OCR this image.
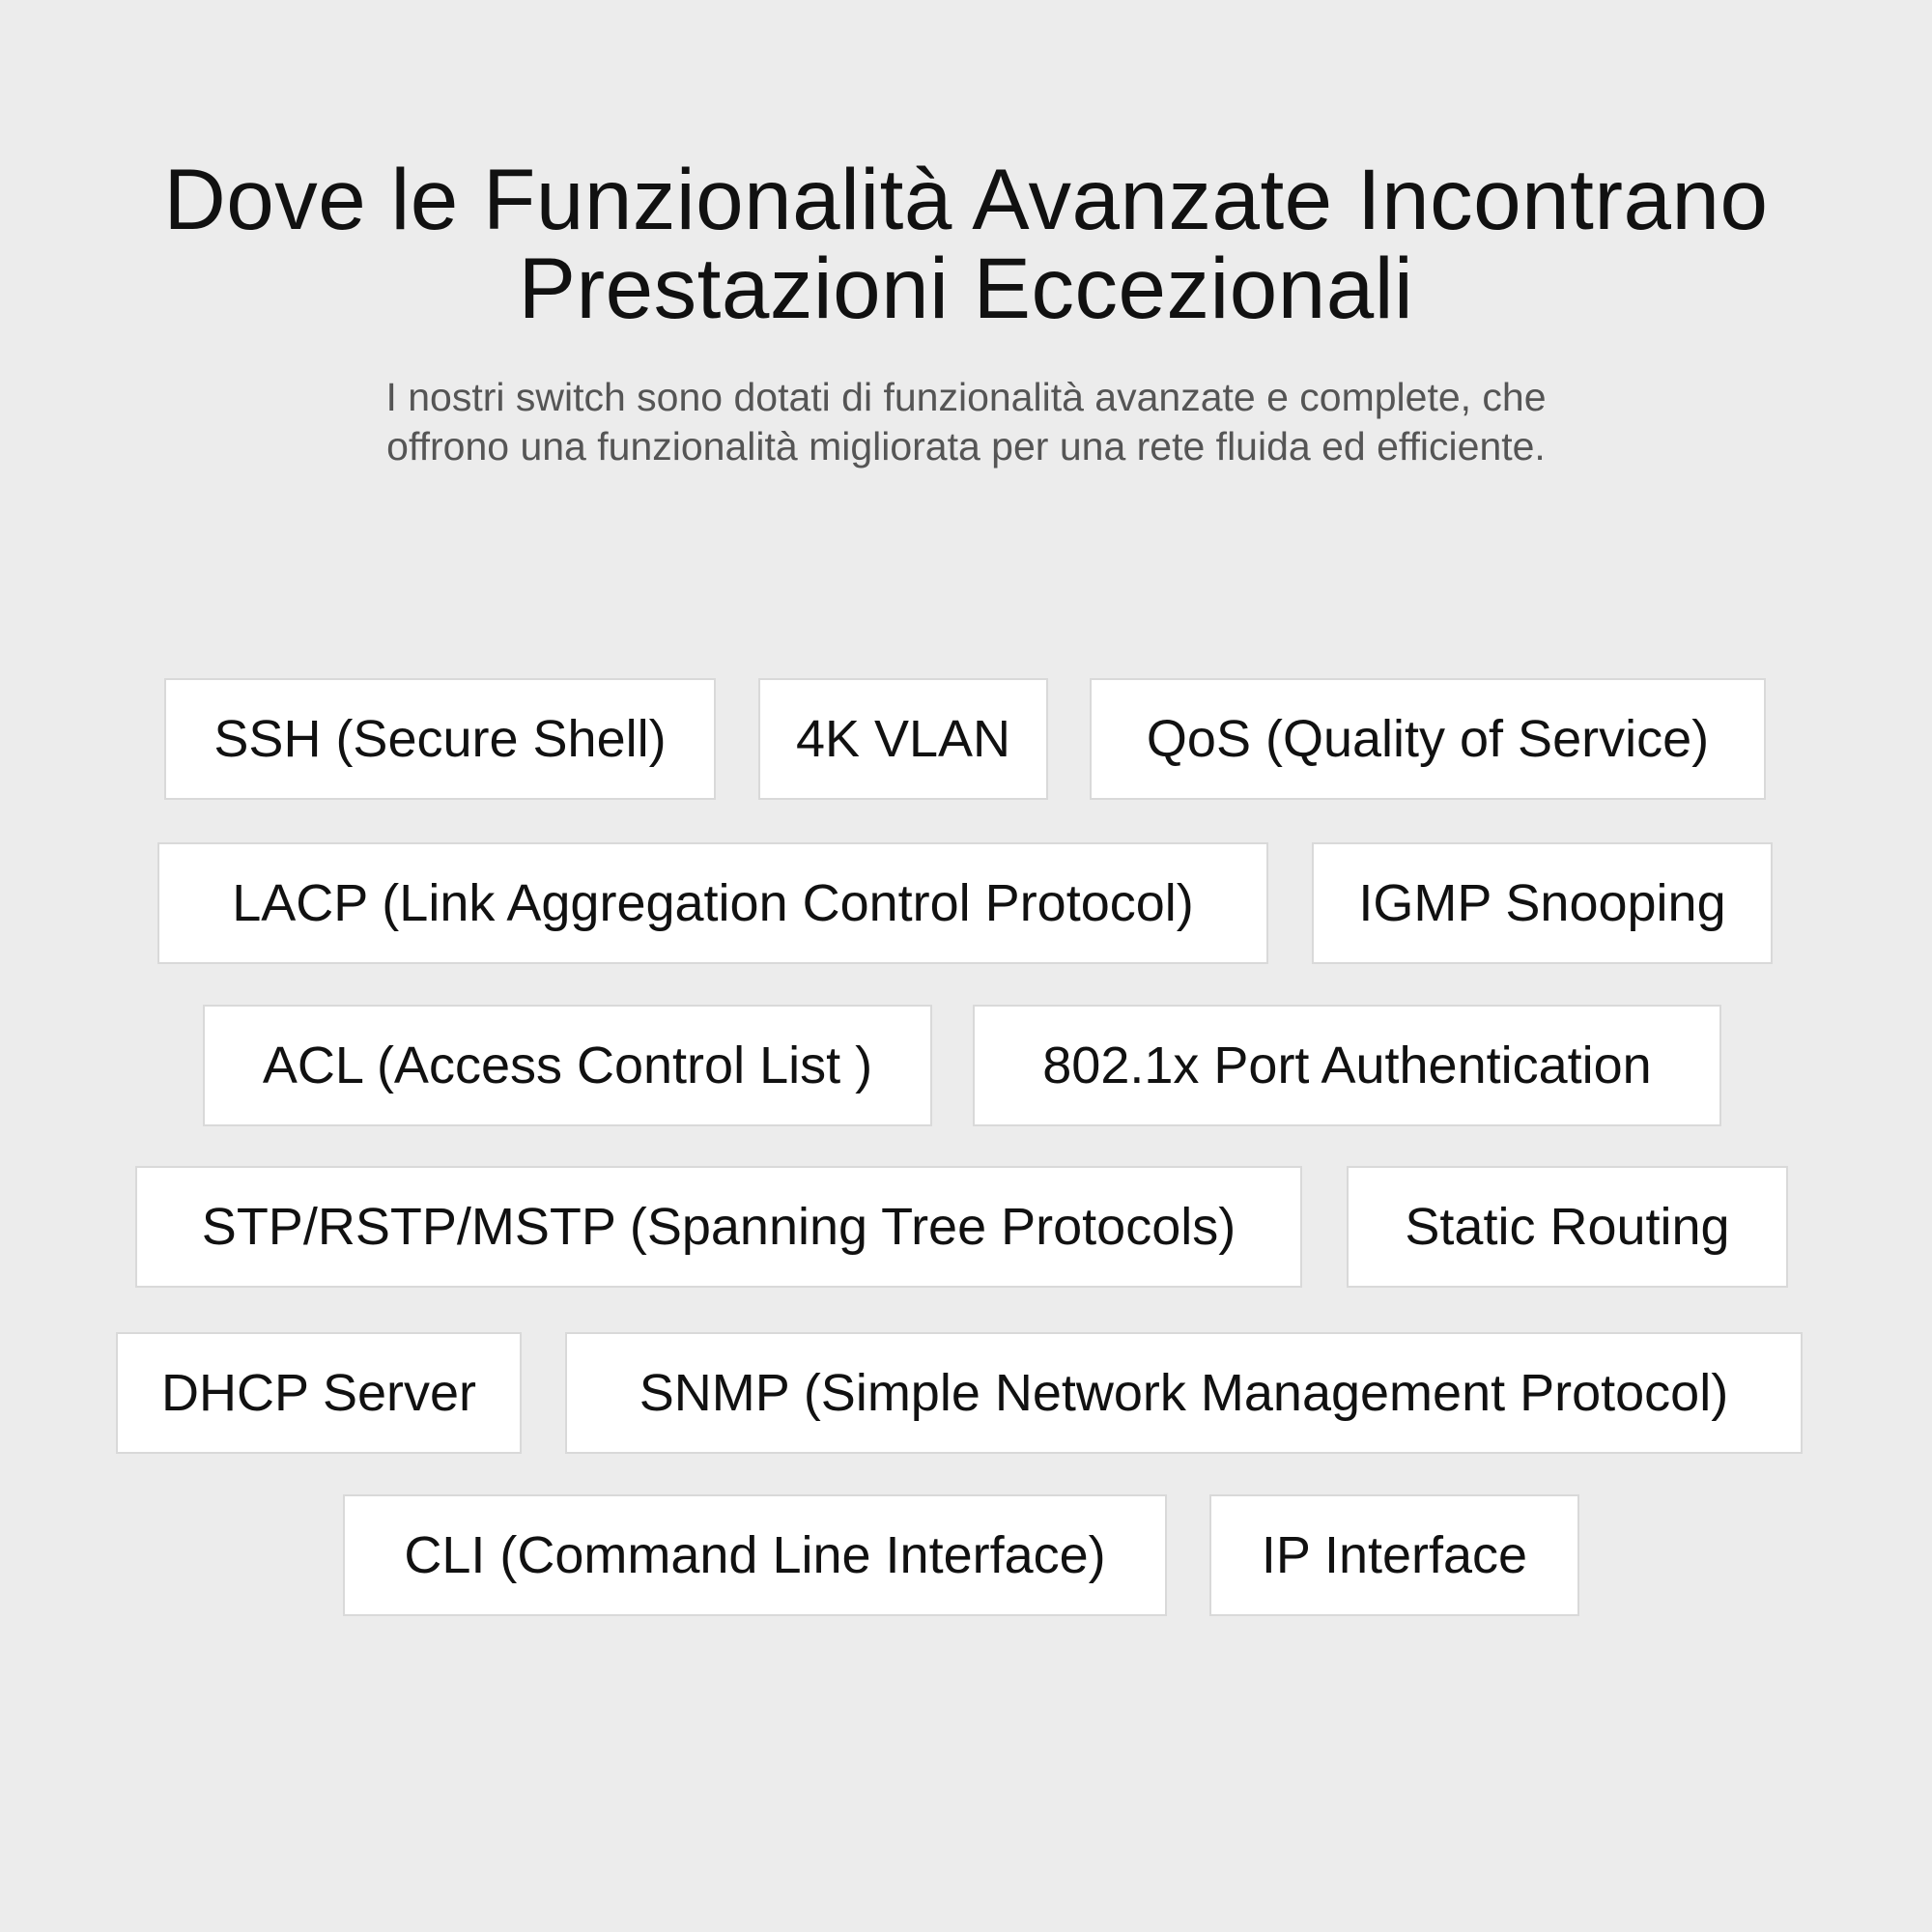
Dove le Funzionalità Avanzate Incontrano
Prestazioni Eccezionali
I nostri switch sono dotati di funzionalità avanzate e complete, che
offrono una funzionalità migliorata per una rete fluida ed efficiente.
SSH (Secure Shell)	4K VLAN	QoS (Quality of Service)
LACP (Link Aggregation Control Protocol)	IGMP Snooping
ACL (Access Control List )	802.1x Port Authentication
STP/RSTP/MSTP (Spanning Tree Protocols)	Static Routing
DHCP Server	SNMP (Simple Network Management Protocol)
CLI (Command Line Interface)	IP Interface
